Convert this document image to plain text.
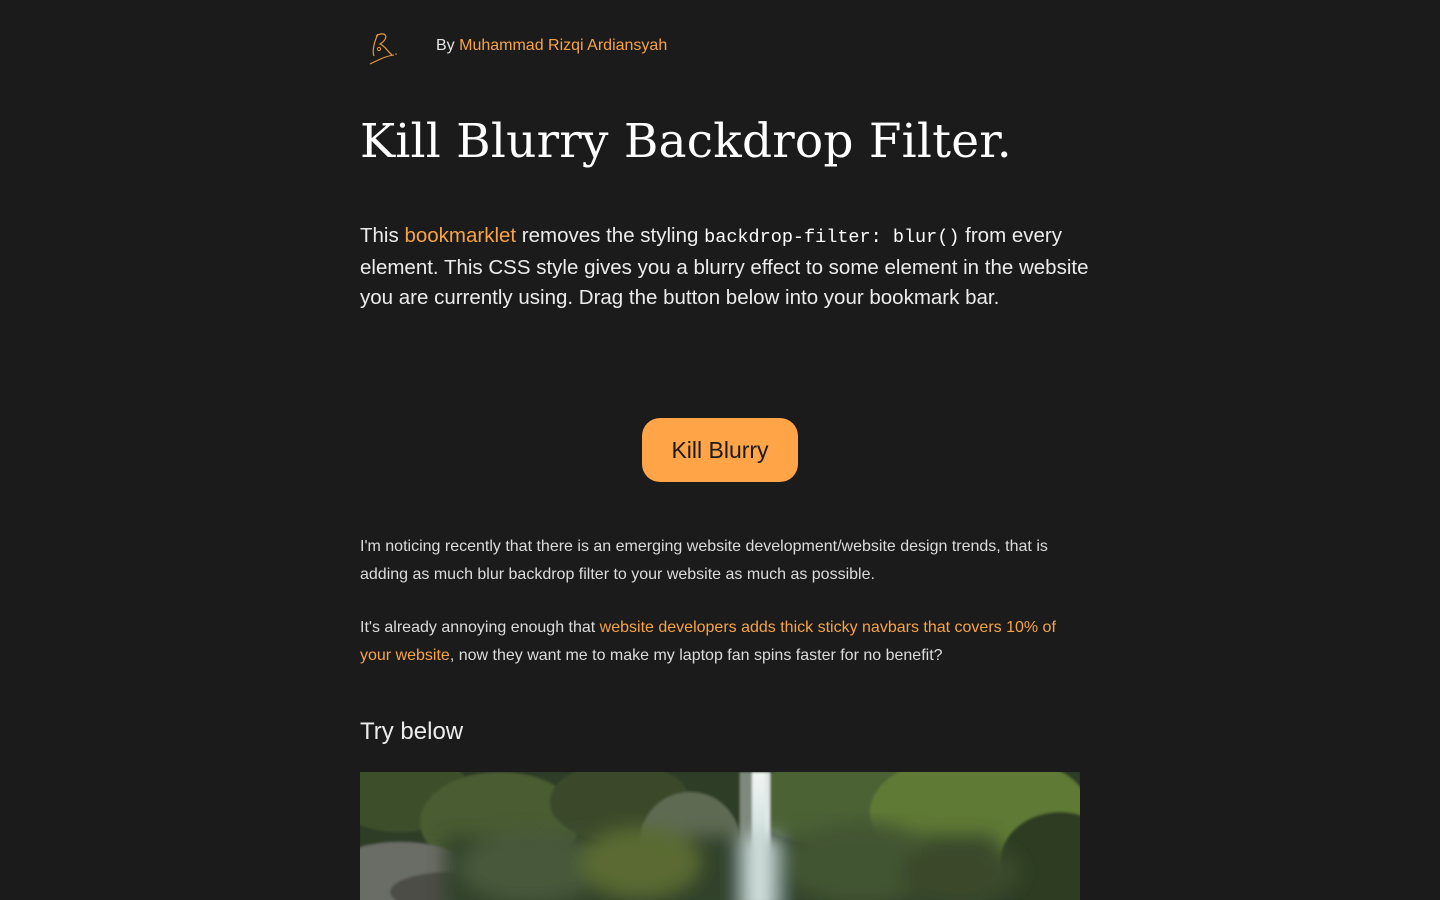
By Muhammad Rizqi Ardiansyah
Kill Blurry Backdrop Filter.

This bookmarklet removes the styling backdrop-filter: blur() from every element. This CSS style gives you a blurry effect to some element in the website you are currently using. Drag the button below into your bookmark bar.

Kill Blurry

I'm noticing recently that there is an emerging website development/website design trends, that is adding as much blur backdrop filter to your website as much as possible.

It's already annoying enough that website developers adds thick sticky navbars that covers 10% of your website, now they want me to make my laptop fan spins faster for no benefit?

Try below
